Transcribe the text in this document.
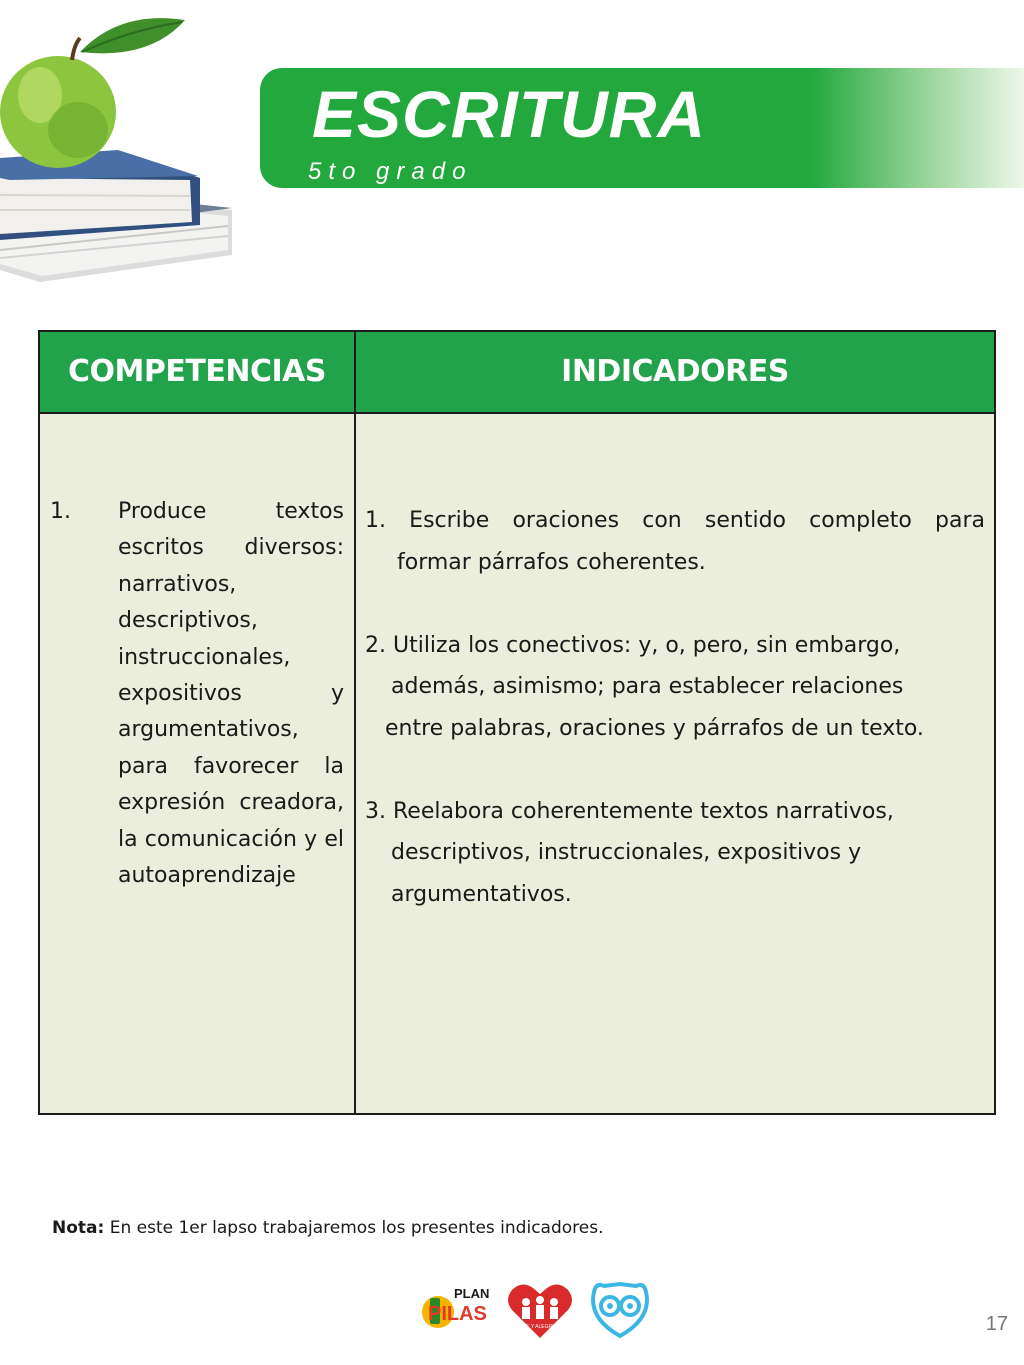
ESCRITURA
5to grado
COMPETENCIAS	INDICADORES
1. Produce textos escritos diversos: narrativos, descriptivos, instruccionales, expositivos y argumentativos, para favorecer la expresión creadora, la comunicación y el autoaprendizaje
1. Escribe oraciones con sentido completo para
formar párrafos coherentes.
2. Utiliza los conectivos: y, o, pero, sin embargo,
además, asimismo; para establecer relaciones
entre palabras, oraciones y párrafos de un texto.
3. Reelabora coherentemente textos narrativos,
descriptivos, instruccionales, expositivos y
argumentativos.
Nota: En este 1er lapso trabajaremos los presentes indicadores.
PLAN
PILAS
FE Y ALEGRIA	17
